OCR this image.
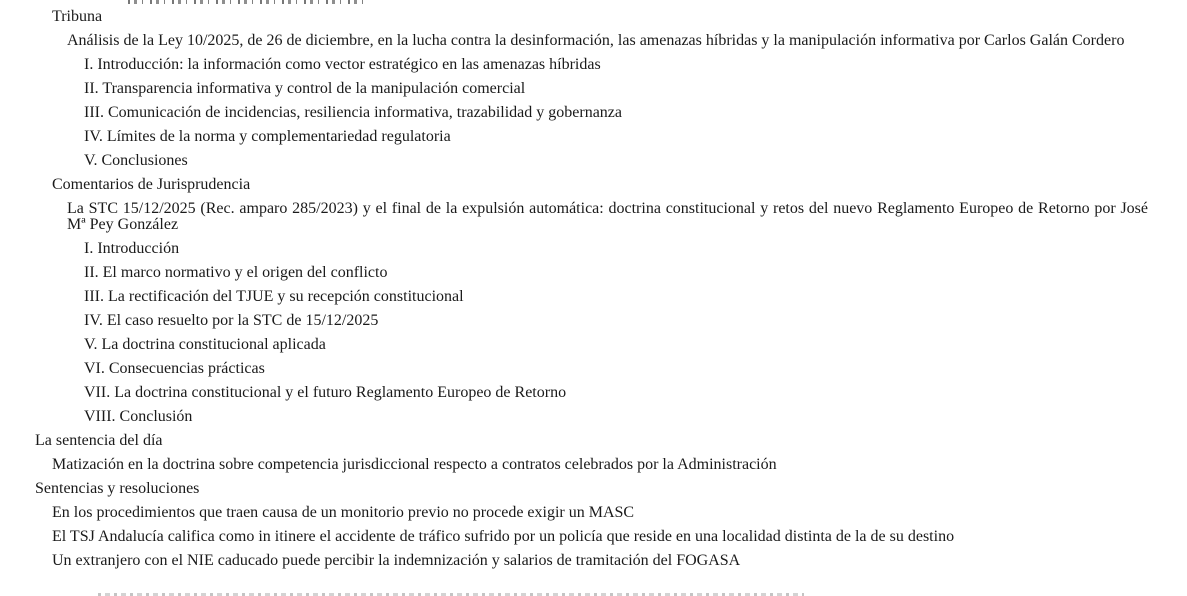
Tribuna
Análisis de la Ley 10/2025, de 26 de diciembre, en la lucha contra la desinformación, las amenazas híbridas y la manipulación informativa por Carlos Galán Cordero
I. Introducción: la información como vector estratégico en las amenazas híbridas
II. Transparencia informativa y control de la manipulación comercial
III. Comunicación de incidencias, resiliencia informativa, trazabilidad y gobernanza
IV. Límites de la norma y complementariedad regulatoria
V. Conclusiones
Comentarios de Jurisprudencia
La STC 15/12/2025 (Rec. amparo 285/2023) y el final de la expulsión automática: doctrina constitucional y retos del nuevo Reglamento Europeo de Retorno por José Mª Pey González
I. Introducción
II. El marco normativo y el origen del conflicto
III. La rectificación del TJUE y su recepción constitucional
IV. El caso resuelto por la STC de 15/12/2025
V. La doctrina constitucional aplicada
VI. Consecuencias prácticas
VII. La doctrina constitucional y el futuro Reglamento Europeo de Retorno
VIII. Conclusión
La sentencia del día
Matización en la doctrina sobre competencia jurisdiccional respecto a contratos celebrados por la Administración
Sentencias y resoluciones
En los procedimientos que traen causa de un monitorio previo no procede exigir un MASC
El TSJ Andalucía califica como in itinere el accidente de tráfico sufrido por un policía que reside en una localidad distinta de la de su destino
Un extranjero con el NIE caducado puede percibir la indemnización y salarios de tramitación del FOGASA
